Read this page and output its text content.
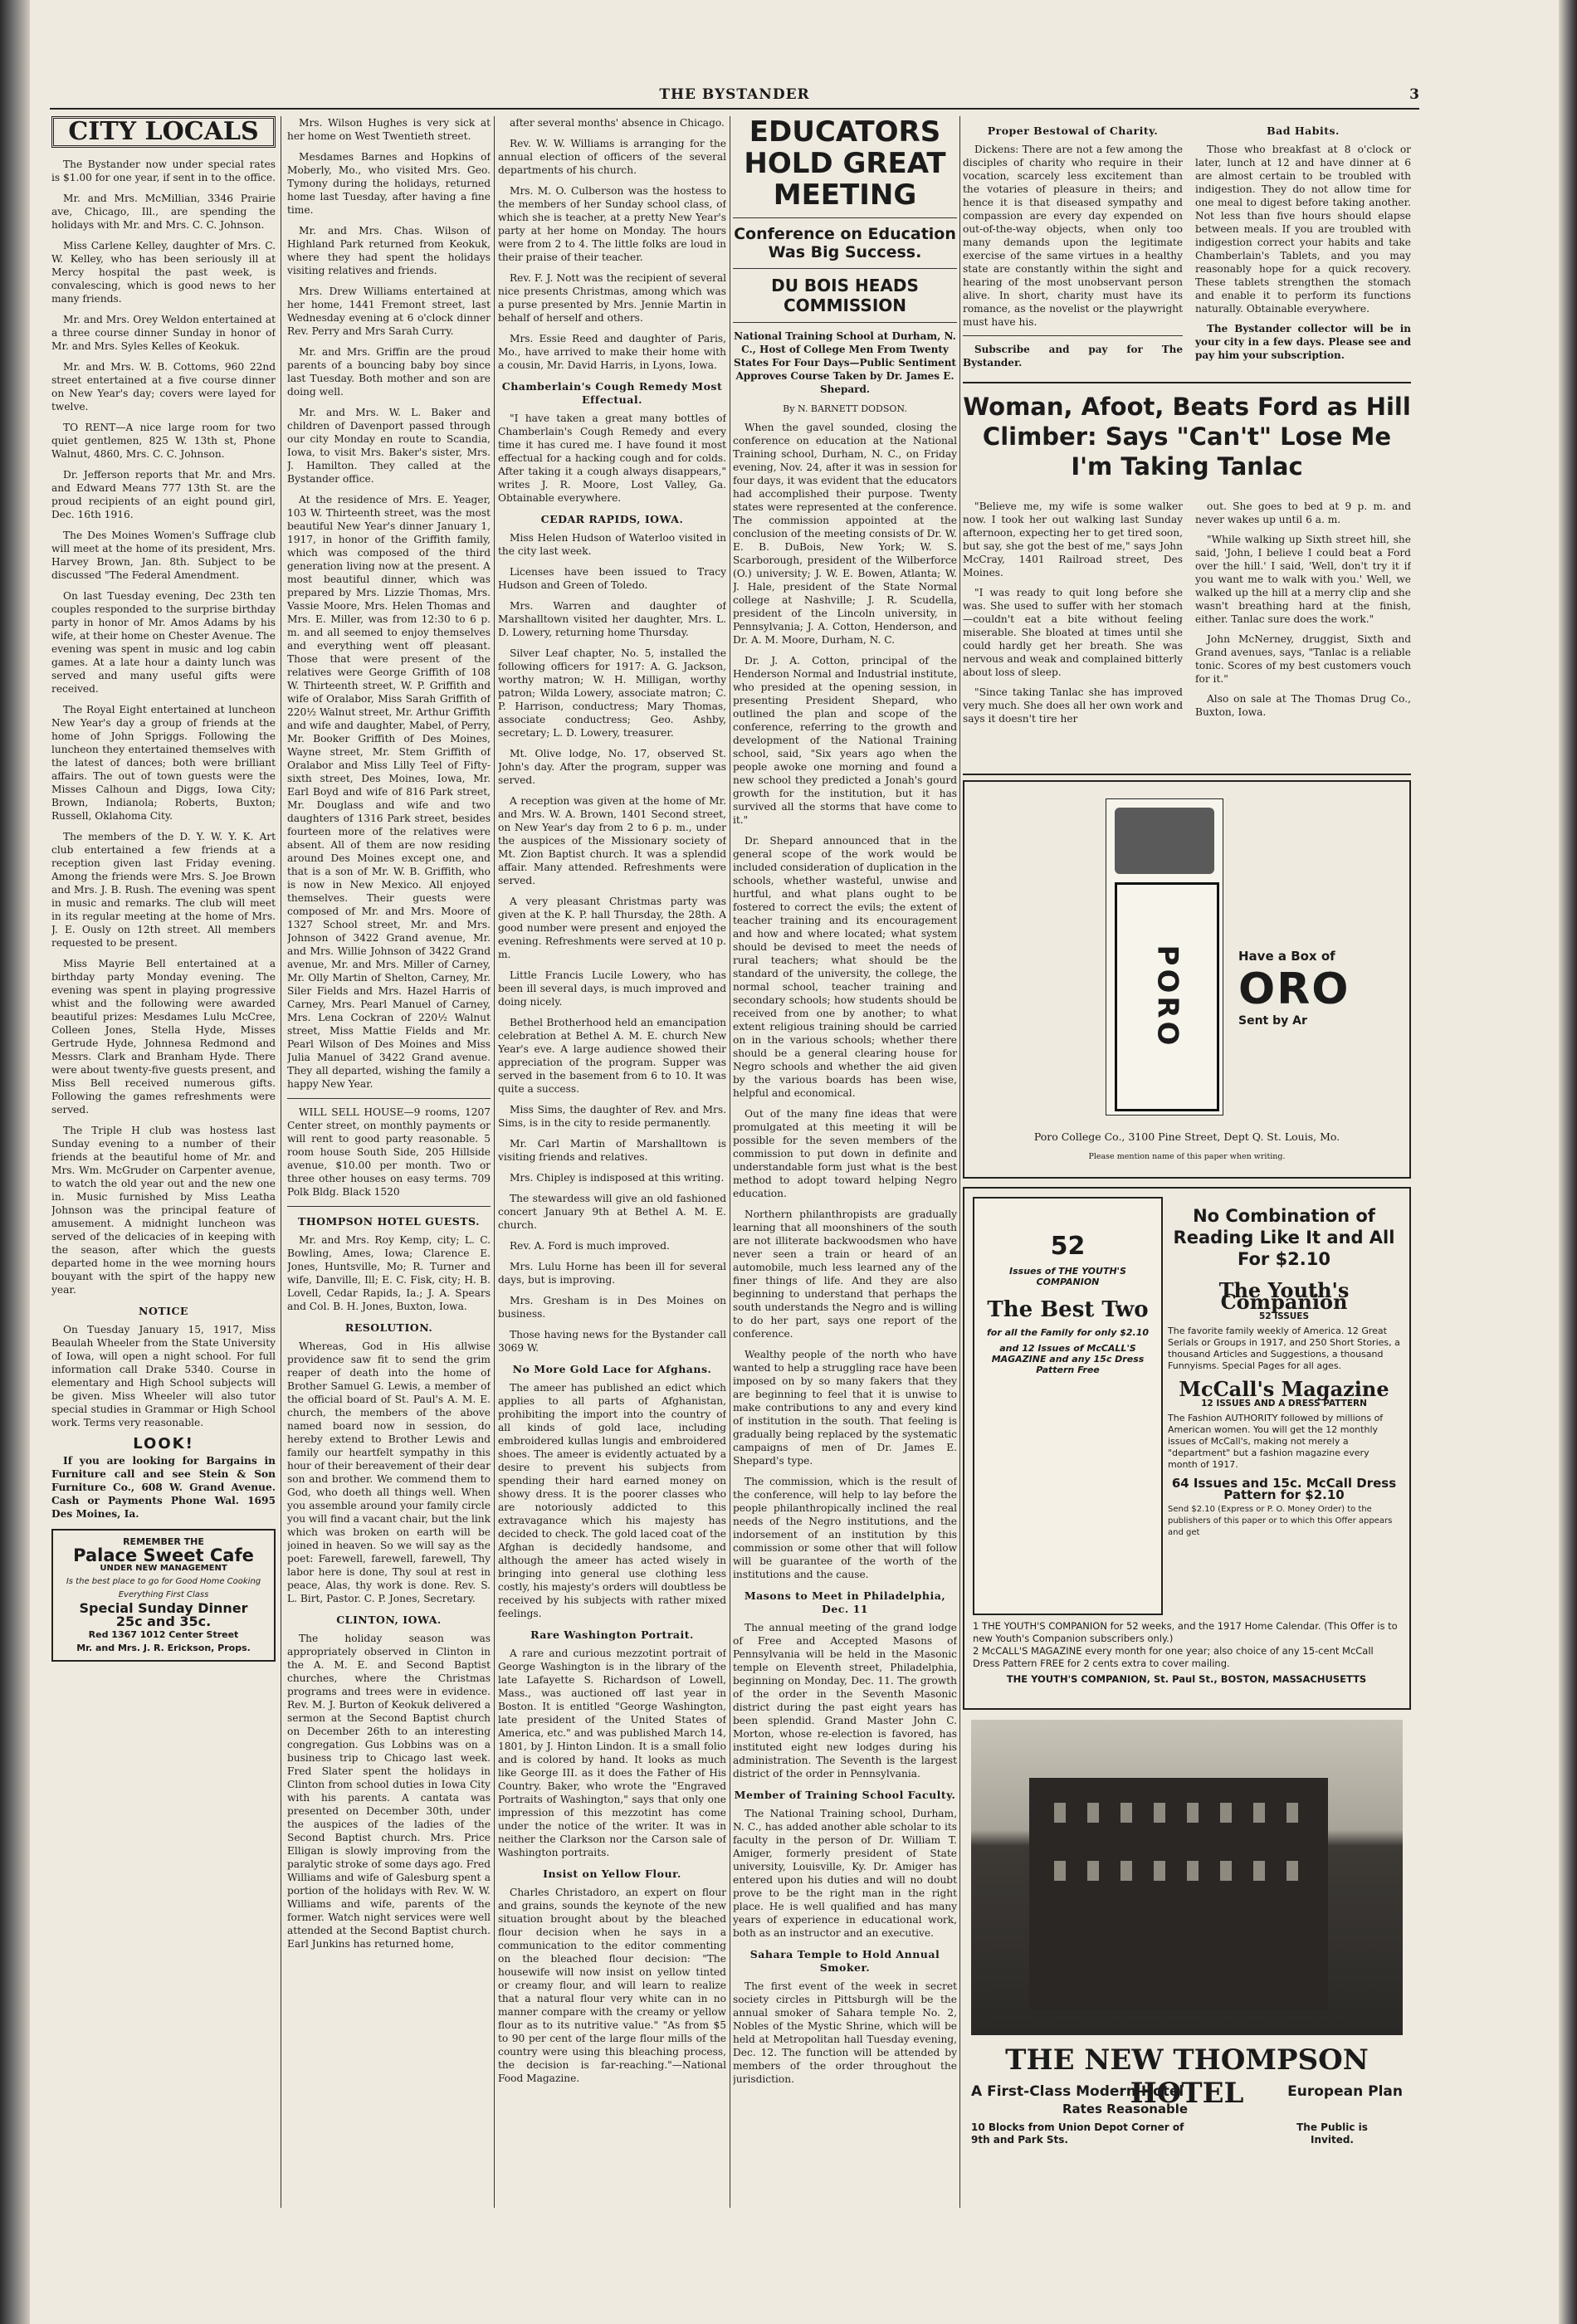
THE BYSTANDER	3
CITY LOCALS

The Bystander now under special rates is $1.00 for one year, if sent in to the office.

Mr. and Mrs. McMillian, 3346 Prairie ave, Chicago, Ill., are spending the holidays with Mr. and Mrs. C. C. Johnson.

Miss Carlene Kelley, daughter of Mrs. C. W. Kelley, who has been seriously ill at Mercy hospital the past week, is convalescing, which is good news to her many friends.

Mr. and Mrs. Orey Weldon entertained at a three course dinner Sunday in honor of Mr. and Mrs. Syles Kelles of Keokuk.

Mr. and Mrs. W. B. Cottoms, 960 22nd street entertained at a five course dinner on New Year's day; covers were layed for twelve.

TO RENT—A nice large room for two quiet gentlemen, 825 W. 13th st, Phone Walnut, 4860, Mrs. C. C. Johnson.

Dr. Jefferson reports that Mr. and Mrs. and Edward Means 777 13th St. are the proud recipients of an eight pound girl, Dec. 16th 1916.

The Des Moines Women's Suffrage club will meet at the home of its president, Mrs. Harvey Brown, Jan. 8th. Subject to be discussed "The Federal Amendment.

On last Tuesday evening, Dec 23th ten couples responded to the surprise birthday party in honor of Mr. Amos Adams by his wife, at their home on Chester Avenue. The evening was spent in music and log cabin games. At a late hour a dainty lunch was served and many useful gifts were received.

The Royal Eight entertained at luncheon New Year's day a group of friends at the home of John Spriggs. Following the luncheon they entertained themselves with the latest of dances; both were brilliant affairs. The out of town guests were the Misses Calhoun and Diggs, Iowa City; Brown, Indianola; Roberts, Buxton; Russell, Oklahoma City.

The members of the D. Y. W. Y. K. Art club entertained a few friends at a reception given last Friday evening. Among the friends were Mrs. S. Joe Brown and Mrs. J. B. Rush. The evening was spent in music and remarks. The club will meet in its regular meeting at the home of Mrs. J. E. Ously on 12th street. All members requested to be present.

Miss Mayrie Bell entertained at a birthday party Monday evening. The evening was spent in playing progressive whist and the following were awarded beautiful prizes: Mesdames Lulu McCree, Colleen Jones, Stella Hyde, Misses Gertrude Hyde, Johnnesa Redmond and Messrs. Clark and Branham Hyde. There were about twenty-five guests present, and Miss Bell received numerous gifts. Following the games refreshments were served.

The Triple H club was hostess last Sunday evening to a number of their friends at the beautiful home of Mr. and Mrs. Wm. McGruder on Carpenter avenue, to watch the old year out and the new one in. Music furnished by Miss Leatha Johnson was the principal feature of amusement. A midnight luncheon was served of the delicacies of in keeping with the season, after which the guests departed home in the wee morning hours bouyant with the spirt of the happy new year.

NOTICE

On Tuesday January 15, 1917, Miss Beaulah Wheeler from the State University of Iowa, will open a night school. For full information call Drake 5340. Course in elementary and High School subjects will be given. Miss Wheeler will also tutor special studies in Grammar or High School work. Terms very reasonable.

LOOK!

If you are looking for Bargains in Furniture call and see Stein & Son Furniture Co., 608 W. Grand Avenue. Cash or Payments Phone Wal. 1695 Des Moines, Ia.

REMEMBER THE
Palace Sweet Cafe
UNDER NEW MANAGEMENT
Is the best place to go for Good Home Cooking Everything First Class
Special Sunday Dinner
25c and 35c.
Red 1367 1012 Center Street
Mr. and Mrs. J. R. Erickson, Props.

Mrs. Wilson Hughes is very sick at her home on West Twentieth street.

Mesdames Barnes and Hopkins of Moberly, Mo., who visited Mrs. Geo. Tymony during the holidays, returned home last Tuesday, after having a fine time.

Mr. and Mrs. Chas. Wilson of Highland Park returned from Keokuk, where they had spent the holidays visiting relatives and friends.

Mrs. Drew Williams entertained at her home, 1441 Fremont street, last Wednesday evening at 6 o'clock dinner Rev. Perry and Mrs Sarah Curry.

Mr. and Mrs. Griffin are the proud parents of a bouncing baby boy since last Tuesday. Both mother and son are doing well.

Mr. and Mrs. W. L. Baker and children of Davenport passed through our city Monday en route to Scandia, Iowa, to visit Mrs. Baker's sister, Mrs. J. Hamilton. They called at the Bystander office.

At the residence of Mrs. E. Yeager, 103 W. Thirteenth street, was the most beautiful New Year's dinner January 1, 1917, in honor of the Griffith family, which was composed of the third generation living now at the present. A most beautiful dinner, which was prepared by Mrs. Lizzie Thomas, Mrs. Vassie Moore, Mrs. Helen Thomas and Mrs. E. Miller, was from 12:30 to 6 p. m. and all seemed to enjoy themselves and everything went off pleasant. Those that were present of the relatives were George Griffith of 108 W. Thirteenth street, W. P. Griffith and wife of Oralabor, Miss Sarah Griffith of 220½ Walnut street, Mr. Arthur Griffith and wife and daughter, Mabel, of Perry, Mr. Booker Griffith of Des Moines, Wayne street, Mr. Stem Griffith of Oralabor and Miss Lilly Teel of Fifty-sixth street, Des Moines, Iowa, Mr. Earl Boyd and wife of 816 Park street, Mr. Douglass and wife and two daughters of 1316 Park street, besides fourteen more of the relatives were absent. All of them are now residing around Des Moines except one, and that is a son of Mr. W. B. Griffith, who is now in New Mexico. All enjoyed themselves. Their guests were composed of Mr. and Mrs. Moore of 1327 School street, Mr. and Mrs. Johnson of 3422 Grand avenue, Mr. and Mrs. Willie Johnson of 3422 Grand avenue, Mr. and Mrs. Miller of Carney, Mr. Olly Martin of Shelton, Carney, Mr. Siler Fields and Mrs. Hazel Harris of Carney, Mrs. Pearl Manuel of Carney, Mrs. Lena Cockran of 220½ Walnut street, Miss Mattie Fields and Mr. Pearl Wilson of Des Moines and Miss Julia Manuel of 3422 Grand avenue. They all departed, wishing the family a happy New Year.

WILL SELL HOUSE—9 rooms, 1207 Center street, on monthly payments or will rent to good party reasonable. 5 room house South Side, 205 Hillside avenue, $10.00 per month. Two or three other houses on easy terms. 709 Polk Bldg. Black 1520

THOMPSON HOTEL GUESTS.

Mr. and Mrs. Roy Kemp, city; L. C. Bowling, Ames, Iowa; Clarence E. Jones, Huntsville, Mo; R. Turner and wife, Danville, Ill; E. C. Fisk, city; H. B. Lovell, Cedar Rapids, Ia.; J. A. Spears and Col. B. H. Jones, Buxton, Iowa.

RESOLUTION.

Whereas, God in His allwise providence saw fit to send the grim reaper of death into the home of Brother Samuel G. Lewis, a member of the official board of St. Paul's A. M. E. church, the members of the above named board now in session, do hereby extend to Brother Lewis and family our heartfelt sympathy in this hour of their bereavement of their dear son and brother. We commend them to God, who doeth all things well. When you assemble around your family circle you will find a vacant chair, but the link which was broken on earth will be joined in heaven. So we will say as the poet: Farewell, farewell, farewell, Thy labor here is done, Thy soul at rest in peace, Alas, thy work is done. Rev. S. L. Birt, Pastor. C. P. Jones, Secretary.

CLINTON, IOWA.

The holiday season was appropriately observed in Clinton in the A. M. E. and Second Baptist churches, where the Christmas programs and trees were in evidence. Rev. M. J. Burton of Keokuk delivered a sermon at the Second Baptist church on December 26th to an interesting congregation. Gus Lobbins was on a business trip to Chicago last week. Fred Slater spent the holidays in Clinton from school duties in Iowa City with his parents. A cantata was presented on December 30th, under the auspices of the ladies of the Second Baptist church. Mrs. Price Elligan is slowly improving from the paralytic stroke of some days ago. Fred Williams and wife of Galesburg spent a portion of the holidays with Rev. W. W. Williams and wife, parents of the former. Watch night services were well attended at the Second Baptist church. Earl Junkins has returned home,

after several months' absence in Chicago.

Rev. W. W. Williams is arranging for the annual election of officers of the several departments of his church.

Mrs. M. O. Culberson was the hostess to the members of her Sunday school class, of which she is teacher, at a pretty New Year's party at her home on Monday. The hours were from 2 to 4. The little folks are loud in their praise of their teacher.

Rev. F. J. Nott was the recipient of several nice presents Christmas, among which was a purse presented by Mrs. Jennie Martin in behalf of herself and others.

Mrs. Essie Reed and daughter of Paris, Mo., have arrived to make their home with a cousin, Mr. David Harris, in Lyons, Iowa.

Chamberlain's Cough Remedy Most Effectual.

"I have taken a great many bottles of Chamberlain's Cough Remedy and every time it has cured me. I have found it most effectual for a hacking cough and for colds. After taking it a cough always disappears," writes J. R. Moore, Lost Valley, Ga. Obtainable everywhere.

CEDAR RAPIDS, IOWA.

Miss Helen Hudson of Waterloo visited in the city last week.

Licenses have been issued to Tracy Hudson and Green of Toledo.

Mrs. Warren and daughter of Marshalltown visited her daughter, Mrs. L. D. Lowery, returning home Thursday.

Silver Leaf chapter, No. 5, installed the following officers for 1917: A. G. Jackson, worthy matron; W. H. Milligan, worthy patron; Wilda Lowery, associate matron; C. P. Harrison, conductress; Mary Thomas, associate conductress; Geo. Ashby, secretary; L. D. Lowery, treasurer.

Mt. Olive lodge, No. 17, observed St. John's day. After the program, supper was served.

A reception was given at the home of Mr. and Mrs. W. A. Brown, 1401 Second street, on New Year's day from 2 to 6 p. m., under the auspices of the Missionary society of Mt. Zion Baptist church. It was a splendid affair. Many attended. Refreshments were served.

A very pleasant Christmas party was given at the K. P. hall Thursday, the 28th. A good number were present and enjoyed the evening. Refreshments were served at 10 p. m.

Little Francis Lucile Lowery, who has been ill several days, is much improved and doing nicely.

Bethel Brotherhood held an emancipation celebration at Bethel A. M. E. church New Year's eve. A large audience showed their appreciation of the program. Supper was served in the basement from 6 to 10. It was quite a success.

Miss Sims, the daughter of Rev. and Mrs. Sims, is in the city to reside permanently.

Mr. Carl Martin of Marshalltown is visiting friends and relatives.

Mrs. Chipley is indisposed at this writing.

The stewardess will give an old fashioned concert January 9th at Bethel A. M. E. church.

Rev. A. Ford is much improved.

Mrs. Lulu Horne has been ill for several days, but is improving.

Mrs. Gresham is in Des Moines on business.

Those having news for the Bystander call 3069 W.

No More Gold Lace for Afghans.

The ameer has published an edict which applies to all parts of Afghanistan, prohibiting the import into the country of all kinds of gold lace, including embroidered kullas lungis and embroidered shoes. The ameer is evidently actuated by a desire to prevent his subjects from spending their hard earned money on showy dress. It is the poorer classes who are notoriously addicted to this extravagance which his majesty has decided to check. The gold laced coat of the Afghan is decidedly handsome, and although the ameer has acted wisely in bringing into general use clothing less costly, his majesty's orders will doubtless be received by his subjects with rather mixed feelings.

Rare Washington Portrait.

A rare and curious mezzotint portrait of George Washington is in the library of the late Lafayette S. Richardson of Lowell, Mass., was auctioned off last year in Boston. It is entitled "George Washington, late president of the United States of America, etc." and was published March 14, 1801, by J. Hinton Lindon. It is a small folio and is colored by hand. It looks as much like George III. as it does the Father of His Country. Baker, who wrote the "Engraved Portraits of Washington," says that only one impression of this mezzotint has come under the notice of the writer. It was in neither the Clarkson nor the Carson sale of Washington portraits.

Insist on Yellow Flour.

Charles Christadoro, an expert on flour and grains, sounds the keynote of the new situation brought about by the bleached flour decision when he says in a communication to the editor commenting on the bleached flour decision: "The housewife will now insist on yellow tinted or creamy flour, and will learn to realize that a natural flour very white can in no manner compare with the creamy or yellow flour as to its nutritive value." "As from $5 to 90 per cent of the large flour mills of the country were using this bleaching process, the decision is far-reaching."—National Food Magazine.

EDUCATORS HOLD GREAT MEETING
Conference on Education Was Big Success.
DU BOIS HEADS COMMISSION
National Training School at Durham, N. C., Host of College Men From Twenty States For Four Days—Public Sentiment Approves Course Taken by Dr. James E. Shepard.
By N. BARNETT DODSON.

When the gavel sounded, closing the conference on education at the National Training school, Durham, N. C., on Friday evening, Nov. 24, after it was in session for four days, it was evident that the educators had accomplished their purpose. Twenty states were represented at the conference. The commission appointed at the conclusion of the meeting consists of Dr. W. E. B. DuBois, New York; W. S. Scarborough, president of the Wilberforce (O.) university; J. W. E. Bowen, Atlanta; W. J. Hale, president of the State Normal college at Nashville; J. R. Scudella, president of the Lincoln university, in Pennsylvania; J. A. Cotton, Henderson, and Dr. A. M. Moore, Durham, N. C.

Dr. J. A. Cotton, principal of the Henderson Normal and Industrial institute, who presided at the opening session, in presenting President Shepard, who outlined the plan and scope of the conference, referring to the growth and development of the National Training school, said, "Six years ago when the people awoke one morning and found a new school they predicted a Jonah's gourd growth for the institution, but it has survived all the storms that have come to it."

Dr. Shepard announced that in the general scope of the work would be included consideration of duplication in the schools, whether wasteful, unwise and hurtful, and what plans ought to be fostered to correct the evils; the extent of teacher training and its encouragement and how and where located; what system should be devised to meet the needs of rural teachers; what should be the standard of the university, the college, the normal school, teacher training and secondary schools; how students should be received from one by another; to what extent religious training should be carried on in the various schools; whether there should be a general clearing house for Negro schools and whether the aid given by the various boards has been wise, helpful and economical.

Out of the many fine ideas that were promulgated at this meeting it will be possible for the seven members of the commission to put down in definite and understandable form just what is the best method to adopt toward helping Negro education.

Northern philanthropists are gradually learning that all moonshiners of the south are not illiterate backwoodsmen who have never seen a train or heard of an automobile, much less learned any of the finer things of life. And they are also beginning to understand that perhaps the south understands the Negro and is willing to do her part, says one report of the conference.

Wealthy people of the north who have wanted to help a struggling race have been imposed on by so many fakers that they are beginning to feel that it is unwise to make contributions to any and every kind of institution in the south. That feeling is gradually being replaced by the systematic campaigns of men of Dr. James E. Shepard's type.

The commission, which is the result of the conference, will help to lay before the people philanthropically inclined the real needs of the Negro institutions, and the indorsement of an institution by this commission or some other that will follow will be guarantee of the worth of the institutions and the cause.

Masons to Meet in Philadelphia, Dec. 11

The annual meeting of the grand lodge of Free and Accepted Masons of Pennsylvania will be held in the Masonic temple on Eleventh street, Philadelphia, beginning on Monday, Dec. 11. The growth of the order in the Seventh Masonic district during the past eight years has been splendid. Grand Master John C. Morton, whose re-election is favored, has instituted eight new lodges during his administration. The Seventh is the largest district of the order in Pennsylvania.

Member of Training School Faculty.

The National Training school, Durham, N. C., has added another able scholar to its faculty in the person of Dr. William T. Amiger, formerly president of State university, Louisville, Ky. Dr. Amiger has entered upon his duties and will no doubt prove to be the right man in the right place. He is well qualified and has many years of experience in educational work, both as an instructor and an executive.

Sahara Temple to Hold Annual Smoker.

The first event of the week in secret society circles in Pittsburgh will be the annual smoker of Sahara temple No. 2, Nobles of the Mystic Shrine, which will be held at Metropolitan hall Tuesday evening, Dec. 12. The function will be attended by members of the order throughout the jurisdiction.

Proper Bestowal of Charity.

Dickens: There are not a few among the disciples of charity who require in their vocation, scarcely less excitement than the votaries of pleasure in theirs; and hence it is that diseased sympathy and compassion are every day expended on out-of-the-way objects, when only too many demands upon the legitimate exercise of the same virtues in a healthy state are constantly within the sight and hearing of the most unobservant person alive. In short, charity must have its romance, as the novelist or the playwright must have his.

Subscribe and pay for The Bystander.

Bad Habits.

Those who breakfast at 8 o'clock or later, lunch at 12 and have dinner at 6 are almost certain to be troubled with indigestion. They do not allow time for one meal to digest before taking another. Not less than five hours should elapse between meals. If you are troubled with indigestion correct your habits and take Chamberlain's Tablets, and you may reasonably hope for a quick recovery. These tablets strengthen the stomach and enable it to perform its functions naturally. Obtainable everywhere.

The Bystander collector will be in your city in a few days. Please see and pay him your subscription.

Woman, Afoot, Beats Ford as Hill Climber: Says "Can't" Lose Me I'm Taking Tanlac

"Believe me, my wife is some walker now. I took her out walking last Sunday afternoon, expecting her to get tired soon, but say, she got the best of me," says John McCray, 1401 Railroad street, Des Moines.

"I was ready to quit long before she was. She used to suffer with her stomach—couldn't eat a bite without feeling miserable. She bloated at times until she could hardly get her breath. She was nervous and weak and complained bitterly about loss of sleep.

"Since taking Tanlac she has improved very much. She does all her own work and says it doesn't tire her

out. She goes to bed at 9 p. m. and never wakes up until 6 a. m.

"While walking up Sixth street hill, she said, 'John, I believe I could beat a Ford over the hill.' I said, 'Well, don't try it if you want me to walk with you.' Well, we walked up the hill at a merry clip and she wasn't breathing hard at the finish, either. Tanlac sure does the work."

John McNerney, druggist, Sixth and Grand avenues, says, "Tanlac is a reliable tonic. Scores of my best customers vouch for it."

Also on sale at The Thomas Drug Co., Buxton, Iowa.

PORO	Have a Box of
ORO
Sent by Ar
Poro College Co., 3100 Pine Street, Dept Q. St. Louis, Mo.
Please mention name of this paper when writing.
52
Issues of THE YOUTH'S COMPANION
The Best Two
for all the Family for only $2.10
and 12 Issues of McCALL'S MAGAZINE and any 15c Dress Pattern Free
No Combination of Reading Like It and All For $2.10
The Youth's Companion
52 ISSUES
The favorite family weekly of America. 12 Great Serials or Groups in 1917, and 250 Short Stories, a thousand Articles and Suggestions, a thousand Funnyisms. Special Pages for all ages.
McCall's Magazine
12 ISSUES AND A DRESS PATTERN
The Fashion AUTHORITY followed by millions of American women. You will get the 12 monthly issues of McCall's, making not merely a "department" but a fashion magazine every month of 1917.
64 Issues and 15c. McCall Dress Pattern for $2.10
Send $2.10 (Express or P. O. Money Order) to the publishers of this paper or to which this Offer appears and get
1 THE YOUTH'S COMPANION for 52 weeks, and the 1917 Home Calendar. (This Offer is to new Youth's Companion subscribers only.)
2 McCALL'S MAGAZINE every month for one year; also choice of any 15-cent McCall Dress Pattern FREE for 2 cents extra to cover mailing.
THE YOUTH'S COMPANION, St. Paul St., BOSTON, MASSACHUSETTS
THE NEW THOMPSON HOTEL
A First-Class Modern Hotel	European Plan
Rates Reasonable
10 Blocks from Union Depot Corner of 9th and Park Sts.
The Public is Invited.
